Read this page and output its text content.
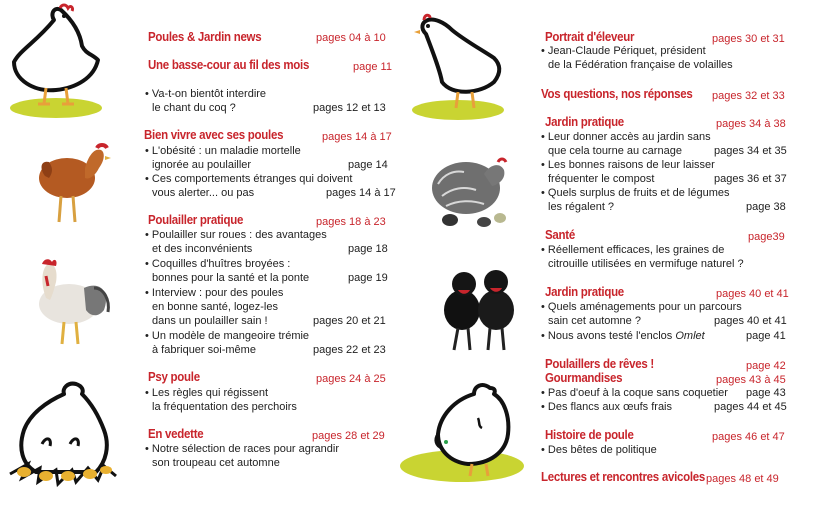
Poules & Jardin news	pages 04 à 10
Une basse-cour au fil des mois	page 11
• Va-t-on bientôt interdire
le chant du coq ?	pages 12 et 13
Bien vivre avec ses poules	pages 14 à 17
• L'obésité : un maladie mortelle
ignorée au poulailler	page 14
• Ces comportements étranges qui doivent
vous alerter... ou pas	pages 14 à 17
Poulailler pratique	pages 18 à 23
• Poulailler sur roues : des avantages
et des inconvénients	page 18
• Coquilles d'huîtres broyées :
bonnes pour la santé et la ponte	page 19
• Interview : pour des poules
en bonne santé, logez-les
dans un poulailler sain !	pages 20 et 21
• Un modèle de mangeoire trémie
à fabriquer soi-même	pages 22 et 23
Psy poule	pages 24 à 25
• Les règles qui régissent
la fréquentation des perchoirs
En vedette	pages 28 et 29
• Notre sélection de races pour agrandir
son troupeau cet automne
Portrait d'éleveur	pages 30 et 31
• Jean-Claude Périquet, président
de la Fédération française de volailles
Vos questions, nos réponses pages 32 et 33
Jardin pratique	pages 34 à 38
• Leur donner accès au jardin sans
que cela tourne au carnage	pages 34 et 35
• Les bonnes raisons de leur laisser
fréquenter le compost	pages 36 et 37
• Quels surplus de fruits et de légumes
les régalent ?	page 38
Santé	page39
• Réellement efficaces, les graines de
citrouille utilisées en vermifuge naturel ?
Jardin pratique	pages 40 et 41
• Quels aménagements pour un parcours
sain cet automne ?	pages 40 et 41
• Nous avons testé l'enclos Omlet	page 41
Poulaillers de rêves !	page 42
Gourmandises	pages 43 à 45
• Pas d'oeuf à la coque sans coquetier page 43
• Des flancs aux œufs frais	pages 44 et 45
Histoire de poule	pages 46 et 47
• Des bêtes de politique
Lectures et rencontres avicoles pages 48 et 49
